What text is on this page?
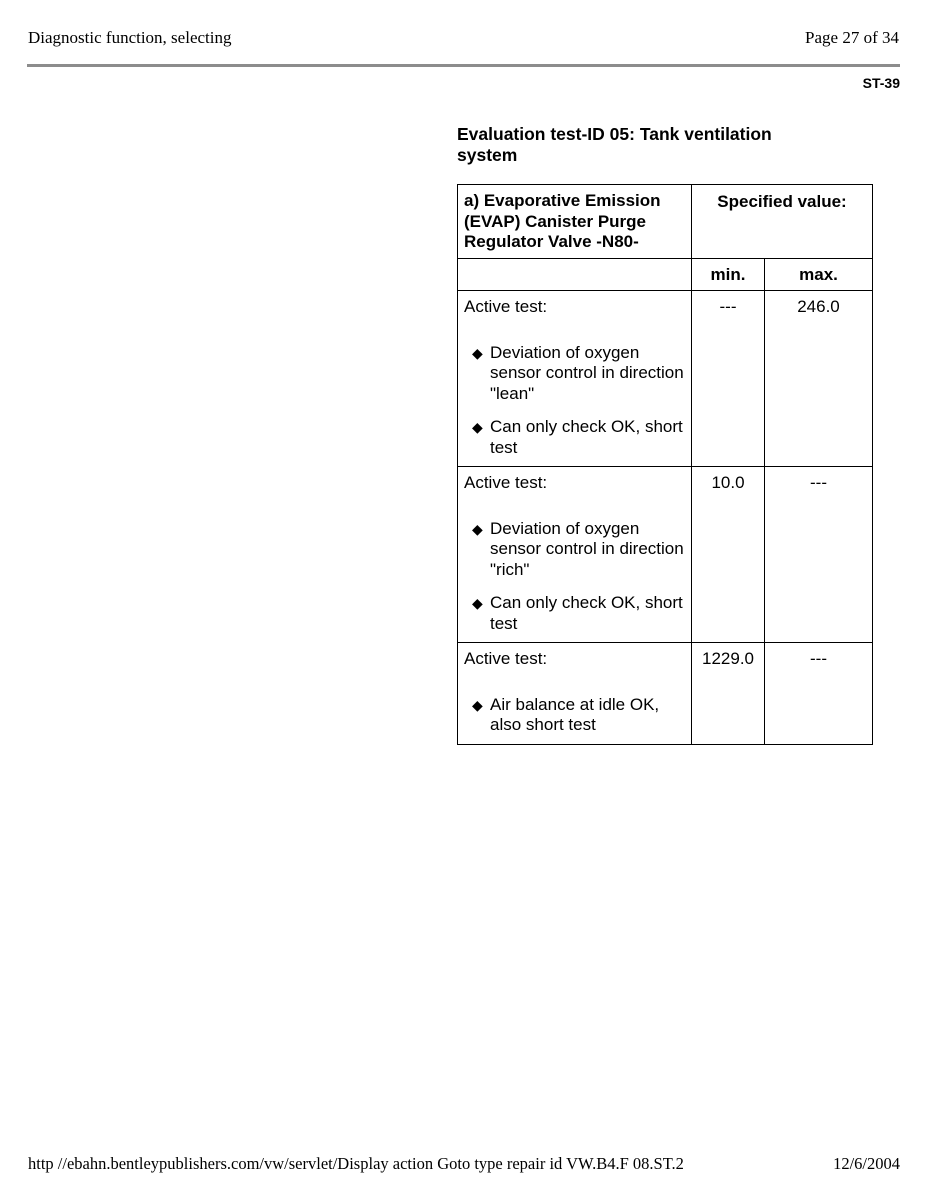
Diagnostic function, selecting	Page 27 of 34
ST-39
Evaluation test-ID 05: Tank ventilation system
a) Evaporative Emission (EVAP) Canister Purge Regulator Valve -N80-	Specified value:	

	min.	max.

Active test:
◆ Deviation of oxygen sensor control in direction "lean"
◆ Can only check OK, short test	---	246.0

Active test:
◆ Deviation of oxygen sensor control in direction "rich"
◆ Can only check OK, short test	10.0	---

Active test:
◆ Air balance at idle OK, also short test	1229.0	---
http //ebahn.bentleypublishers.com/vw/servlet/Display action Goto type repair id VW.B4.F 08.ST.2	12/6/2004
